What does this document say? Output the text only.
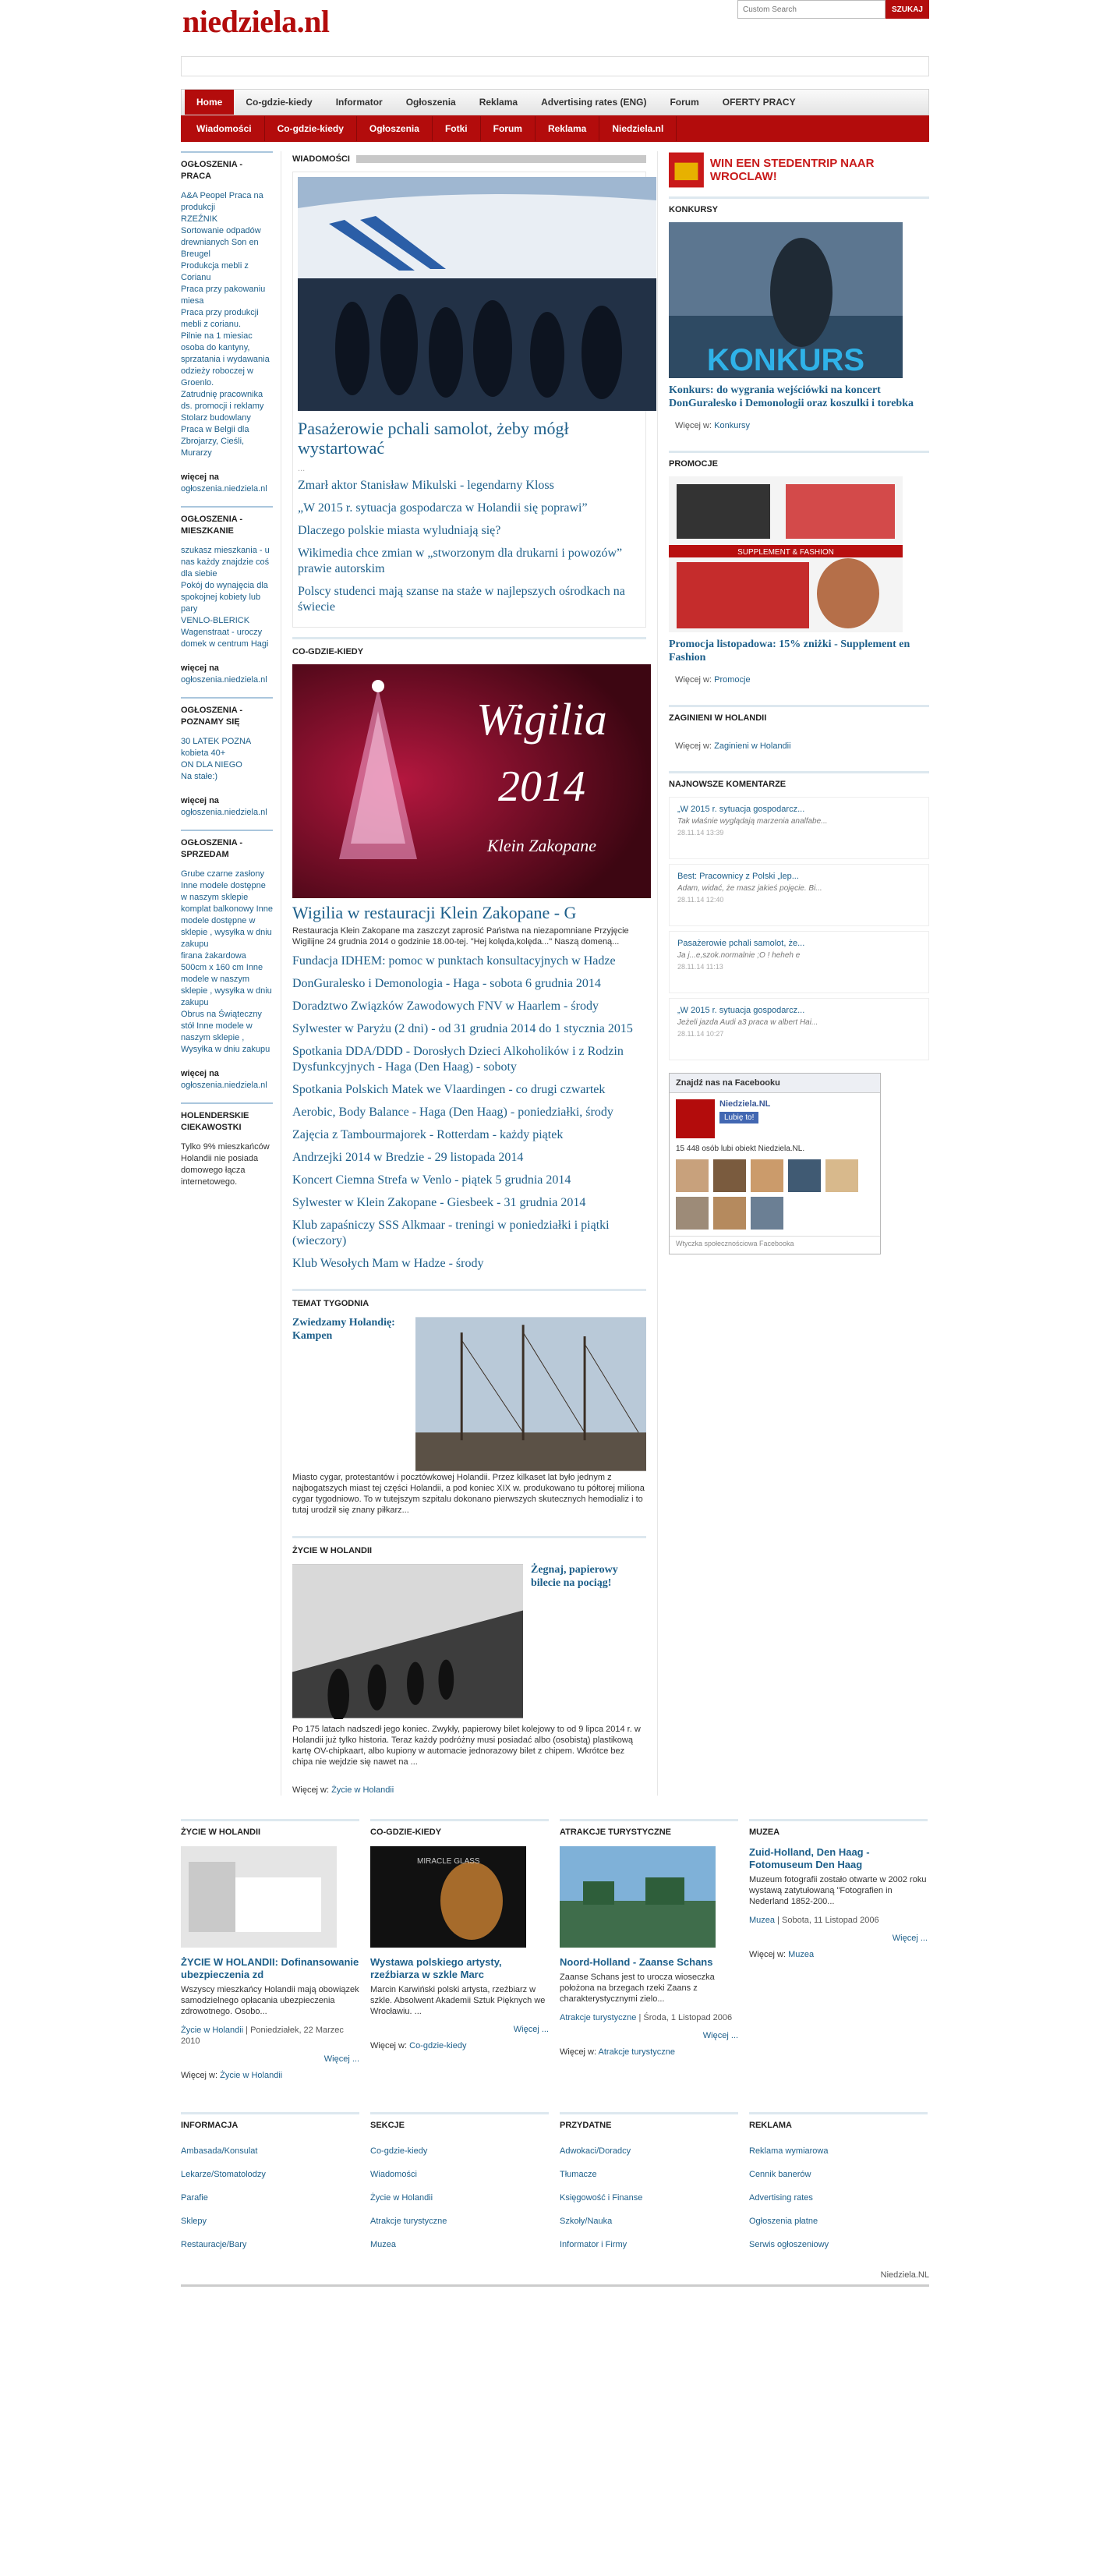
niedziela.nl
Custom Search	SZUKAJ
Home	Co-gdzie-kiedy	Informator	Ogłoszenia	Reklama	Advertising rates (ENG)	Forum	OFERTY PRACY
Wiadomości	Co-gdzie-kiedy	Ogłoszenia	Fotki	Forum	Reklama	Niedziela.nl
OGŁOSZENIA - PRACA
A&A Peopel Praca na produkcji
RZEŹNIK
Sortowanie odpadów drewnianych Son en Breugel
Produkcja mebli z Corianu
Praca przy pakowaniu miesa
Praca przy produkcji mebli z corianu.
Pilnie na 1 miesiac osoba do kantyny, sprzatania i wydawania odzieży roboczej w Groenlo.
Zatrudnię pracownika ds. promocji i reklamy
Stolarz budowlany
Praca w Belgii dla Zbrojarzy, Cieśli, Murarzy
więcej na

ogłoszenia.niedziela.nl
OGŁOSZENIA - MIESZKANIE
szukasz mieszkania - u nas każdy znajdzie coś dla siebie
Pokój do wynajęcia dla spokojnej kobiety lub pary
VENLO-BLERICK Wagenstraat - uroczy domek w centrum Hagi
więcej na

ogłoszenia.niedziela.nl
OGŁOSZENIA - POZNAMY SIĘ
30 LATEK POZNA kobieta 40+
ON DLA NIEGO
Na stałe:)
więcej na

ogłoszenia.niedziela.nl
OGŁOSZENIA - SPRZEDAM
Grube czarne zasłony Inne modele dostępne w naszym sklepie
komplat balkonowy Inne modele dostępne w sklepie , wysyłka w dniu zakupu
firana żakardowa 500cm x 160 cm Inne modele w naszym sklepie , wysyłka w dniu zakupu
Obrus na Świąteczny stół Inne modele w naszym sklepie , Wysyłka w dniu zakupu
więcej na

ogłoszenia.niedziela.nl
HOLENDERSKIE CIEKAWOSTKI
Tylko 9% mieszkańców Holandii nie posiada domowego łącza internetowego.
WIADOMOŚCI
Pasażerowie pchali samolot, żeby mógł wystartować
...
Zmarł aktor Stanisław Mikulski - legendarny Kloss
„W 2015 r. sytuacja gospodarcza w Holandii się poprawi”
Dlaczego polskie miasta wyludniają się?
Wikimedia chce zmian w „stworzonym dla drukarni i powozów” prawie autorskim
Polscy studenci mają szanse na staże w najlepszych ośrodkach na świecie
CO-GDZIE-KIEDY
Wigilia
2014
Klein Zakopane
Wigilia w restauracji Klein Zakopane - G
Restauracja Klein Zakopane ma zaszczyt zaprosić Państwa na niezapomniane Przyjęcie Wigilijne 24 grudnia 2014 o godzinie 18.00-tej. "Hej kolęda,kolęda..." Naszą domeną...
Fundacja IDHEM: pomoc w punktach konsultacyjnych w Hadze
DonGuralesko i Demonologia - Haga - sobota 6 grudnia 2014
Doradztwo Związków Zawodowych FNV w Haarlem - środy
Sylwester w Paryżu (2 dni) - od 31 grudnia 2014 do 1 stycznia 2015
Spotkania DDA/DDD - Dorosłych Dzieci Alkoholików i z Rodzin Dysfunkcyjnych - Haga (Den Haag) - soboty
Spotkania Polskich Matek we Vlaardingen - co drugi czwartek
Aerobic, Body Balance - Haga (Den Haag) - poniedziałki, środy
Zajęcia z Tambourmajorek - Rotterdam - każdy piątek
Andrzejki 2014 w Bredzie - 29 listopada 2014
Koncert Ciemna Strefa w Venlo - piątek 5 grudnia 2014
Sylwester w Klein Zakopane - Giesbeek - 31 grudnia 2014
Klub zapaśniczy SSS Alkmaar - treningi w poniedziałki i piątki (wieczory)
Klub Wesołych Mam w Hadze - środy
TEMAT TYGODNIA
Zwiedzamy Holandię: Kampen
Miasto cygar, protestantów i pocztówkowej Holandii. Przez kilkaset lat było jednym z najbogatszych miast tej części Holandii, a pod koniec XIX w. produkowano tu półtorej miliona cygar tygodniowo. To w tutejszym szpitalu dokonano pierwszych skutecznych hemodializ i to tutaj urodził się znany piłkarz...
ŻYCIE W HOLANDII
Żegnaj, papierowy bilecie na pociąg!
Po 175 latach nadszedł jego koniec. Zwykły, papierowy bilet kolejowy to od 9 lipca 2014 r. w Holandii już tylko historia. Teraz każdy podróżny musi posiadać albo (osobistą) plastikową kartę OV-chipkaart, albo kupiony w automacie jednorazowy bilet z chipem. Wkrótce bez chipa nie wejdzie się nawet na ...
Więcej w: Życie w Holandii
WIN EEN STEDENTRIP NAAR WROCLAW!
KONKURSY
KONKURS
Konkurs: do wygrania wejściówki na koncert DonGuralesko i Demonologii oraz koszulki i torebka
Więcej w: Konkursy
PROMOCJE
SUPPLEMENT & FASHION
Promocja listopadowa: 15% zniżki - Supplement en Fashion
Więcej w: Promocje
ZAGINIENI W HOLANDII
Więcej w: Zaginieni w Holandii
NAJNOWSZE KOMENTARZE
„W 2015 r. sytuacja gospodarcz...
Tak właśnie wyglądają marzenia analfabe...
28.11.14 13:39
Best: Pracownicy z Polski „lep...
Adam, widać, że masz jakieś pojęcie. Bi...
28.11.14 12:40
Pasażerowie pchali samolot, że...
Ja j...e,szok.normalnie ;O ! heheh e
28.11.14 11:13
„W 2015 r. sytuacja gospodarcz...
Jeżeli jazda Audi a3 praca w albert Hai...
28.11.14 10:27
Znajdź nas na Facebooku
Niedziela.NL
Lubię to!
15 448 osób lubi obiekt Niedziela.NL.
Wtyczka społecznościowa Facebooka
ŻYCIE W HOLANDII
ŻYCIE W HOLANDII: Dofinansowanie ubezpieczenia zd
Wszyscy mieszkańcy Holandii mają obowiązek samodzielnego opłacania ubezpieczenia zdrowotnego. Osobo...
Życie w Holandii | Poniedziałek, 22 Marzec 2010
Więcej ...
Więcej w: Życie w Holandii
CO-GDZIE-KIEDY
MIRACLE GLASS
Wystawa polskiego artysty, rzeźbiarza w szkle Marc
Marcin Karwiński polski artysta, rzeźbiarz w szkle. Absolwent Akademii Sztuk Pięknych we Wrocławiu. ...
Więcej ...
Więcej w: Co-gdzie-kiedy
ATRAKCJE TURYSTYCZNE
Noord-Holland - Zaanse Schans
Zaanse Schans jest to urocza wioseczka położona na brzegach rzeki Zaans z charakterystycznymi zielo...
Atrakcje turystyczne | Środa, 1 Listopad 2006
Więcej ...
Więcej w: Atrakcje turystyczne
MUZEA
Zuid-Holland, Den Haag - Fotomuseum Den Haag
Muzeum fotografii zostało otwarte w 2002 roku wystawą zatytułowaną "Fotografien in Nederland 1852-200...
Muzea | Sobota, 11 Listopad 2006
Więcej ...
Więcej w: Muzea
INFORMACJA
Ambasada/Konsulat
Lekarze/Stomatolodzy
Parafie
Sklepy
Restauracje/Bary
SEKCJE
Co-gdzie-kiedy
Wiadomości
Życie w Holandii
Atrakcje turystyczne
Muzea
PRZYDATNE
Adwokaci/Doradcy
Tłumacze
Księgowość i Finanse
Szkoły/Nauka
Informator i Firmy
REKLAMA
Reklama wymiarowa
Cennik banerów
Advertising rates
Ogłoszenia płatne
Serwis ogłoszeniowy
Niedziela.NL
